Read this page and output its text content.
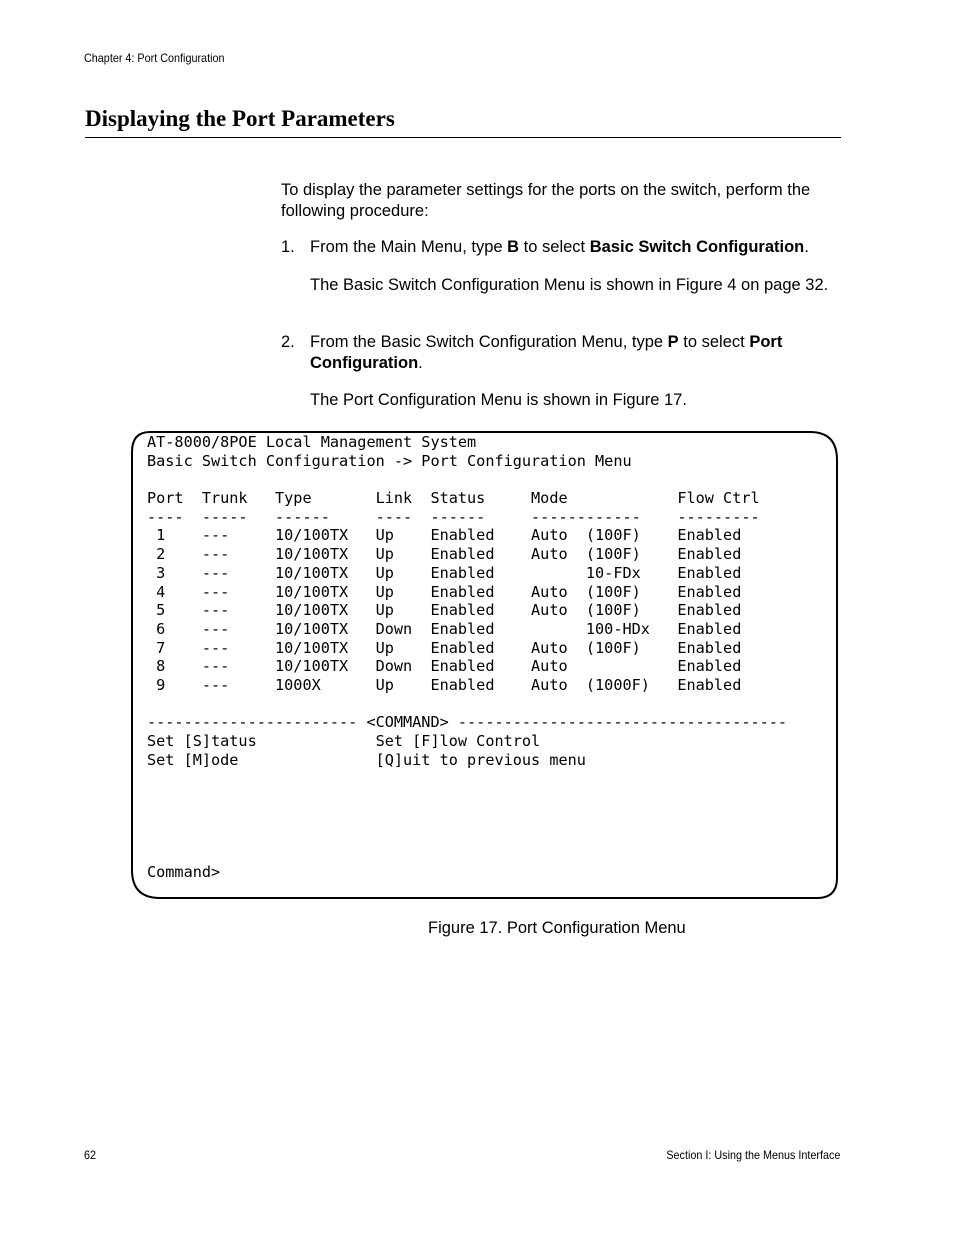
Chapter 4: Port Configuration
Displaying the Port Parameters
To display the parameter settings for the ports on the switch, perform the following procedure:
1. From the Main Menu, type B to select Basic Switch Configuration.
The Basic Switch Configuration Menu is shown in Figure 4 on page 32.
2. From the Basic Switch Configuration Menu, type P to select Port Configuration.
The Port Configuration Menu is shown in Figure 17.
AT-8000/8POE Local Management System
Basic Switch Configuration -> Port Configuration Menu
Port  Trunk   Type       Link  Status     Mode            Flow Ctrl
----  -----   ------     ----  ------     ------------    ---------
1    ---     10/100TX   Up    Enabled    Auto  (100F)    Enabled
2    ---     10/100TX   Up    Enabled    Auto  (100F)    Enabled
3    ---     10/100TX   Up    Enabled          10-FDx    Enabled
4    ---     10/100TX   Up    Enabled    Auto  (100F)    Enabled
5    ---     10/100TX   Up    Enabled    Auto  (100F)    Enabled
6    ---     10/100TX   Down  Enabled          100-HDx   Enabled
7    ---     10/100TX   Up    Enabled    Auto  (100F)    Enabled
8    ---     10/100TX   Down  Enabled    Auto            Enabled
9    ---     1000X      Up    Enabled    Auto  (1000F)   Enabled
----------------------- <COMMAND> ------------------------------------
Set [S]tatus             Set [F]low Control
Set [M]ode               [Q]uit to previous menu
Command>
Figure 17. Port Configuration Menu
62	Section I: Using the Menus Interface
